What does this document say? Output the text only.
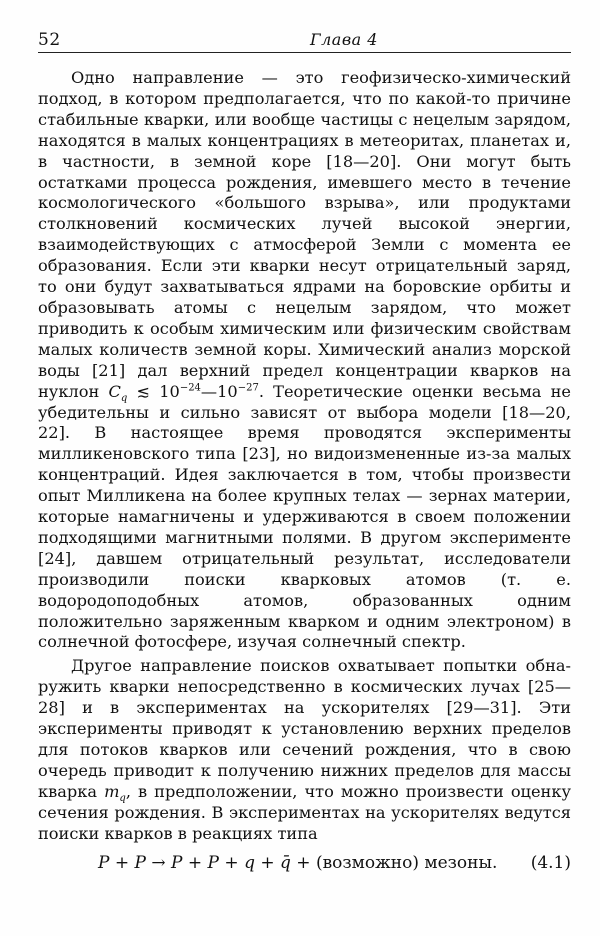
52	Глава 4

Одно направление — это геофизическо-химический подход, в котором предполагается, что по какой-то причине стабильные кварки, или вообще частицы с нецелым зарядом, находятся в малых концентрациях в метеоритах, планетах и, в частности, в земной коре [18—20]. Они могут быть остатками процесса рождения, имевшего место в течение космологического «большого взрыва», или продуктами столкновений космических лучей высокой энергии, взаимодействующих с атмосферой Земли с момента ее образования. Если эти кварки несут отрицательный заряд, то они будут захватываться ядрами на боровские орбиты и образовывать атомы с нецелым зарядом, что может приводить к особым химическим или физическим свойствам малых количеств земной коры. Химический анализ морской воды [21] дал верхний предел концентрации кварков на нуклон $C_q$ ≲ $10^{-24}—10^{-27}$. Теоретические оценки весьма не убедительны и сильно зависят от выбора модели [18—20, 22]. В настоящее время проводятся эксперименты милликеновского типа [23], но видоизмененные из-за малых концентраций. Идея заключается в том, чтобы произвести опыт Милликена на более крупных телах — зернах материи, которые намагничены и удерживаются в своем положении подходящими магнитными полями. В другом эксперименте [24], давшем отрицательный результат, исследователи производили поиски кварковых атомов (т. е. водородоподобных атомов, образованных одним положительно заряженным кварком и одним электроном) в солнечной фотосфере, изучая солнечный спектр.

Другое направление поисков охватывает попытки обнаружить кварки непосредственно в космических лучах [25—28] и в экспериментах на ускорителях [29—31]. Эти эксперименты приводят к установлению верхних пределов для потоков кварков или сечений рождения, что в свою очередь приводит к получению нижних пределов для массы кварка $m_q$, в предположении, что можно произвести оценку сечения рождения. В экспериментах на ускорителях ведутся поиски кварков в реакциях типа

P + P → P + P + q + q̄ + (возможно) мезоны. (4.1)
